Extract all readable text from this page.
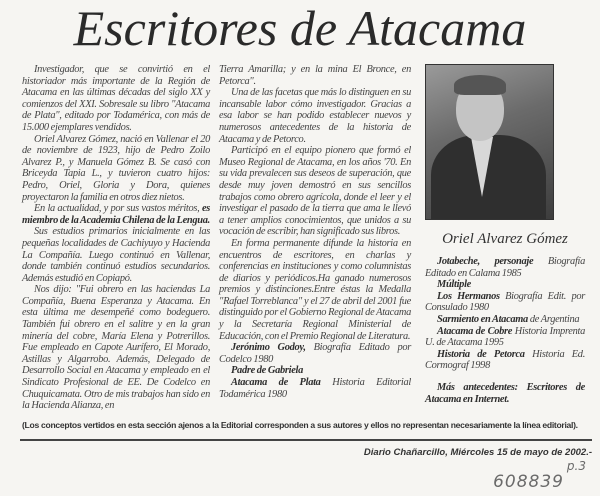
Escritores de Atacama

Investigador, que se convirtió en el historiador más importante de la Región de Atacama en las últimas décadas del siglo XX y comienzos del XXI. Sobresale su libro "Atacama de Plata", editado por Todamérica, con más de 15.000 ejemplares vendidos.

Oriel Alvarez Gómez, nació en Vallenar el 20 de noviembre de 1923, hijo de Pedro Zoilo Alvarez P., y Manuela Gómez B. Se casó con Briceyda Tapia L., y tuvieron cuatro hijos: Pedro, Oriel, Gloria y Dora, quienes proyectaron la familia en otros diez nietos.

En la actualidad, y por sus vastos méritos, es miembro de la Academia Chilena de la Lengua.

Sus estudios primarios inicialmente en las pequeñas localidades de Cachiyuyo y Hacienda La Compañía. Luego continuó en Vallenar, donde también continuó estudios secundarios. Además estudió en Copiapó.

Nos dijo: "Fui obrero en las haciendas La Compañía, Buena Esperanza y Atacama. En esta última me desempeñé como bodeguero. También fui obrero en el salitre y en la gran minería del cobre, María Elena y Potrerillos. Fue empleado en Capote Aurífero, El Morado, Astillas y Algarrobo. Además, Delegado de Desarrollo Social en Atacama y empleado en el Sindicato Profesional de EE. De Codelco en Chuquicamata. Otro de mis trabajos han sido en la Hacienda Alianza, en

Tierra Amarilla; y en la mina El Bronce, en Petorca".

Una de las facetas que más lo distinguen en su incansable labor cómo investigador. Gracias a esa labor se han podido establecer nuevos y numerosos antecedentes de la historia de Atacama y de Petorco.

Participó en el equipo pionero que formó el Museo Regional de Atacama, en los años '70. En su vida prevalecen sus deseos de superación, que desde muy joven demostró en sus sencillos trabajos como obrero agrícola, donde el leer y el investigar el pasado de la tierra que ama le llevó a tener amplios conocimientos, que unidos a su vocación de escribir, han significado sus libros.

En forma permanente difunde la historia en encuentros de escritores, en charlas y conferencias en instituciones y como columnistas de diarios y periódicos.Ha ganado numerosos premios y distinciones.Entre éstas la Medalla "Rafael Torreblanca" y el 27 de abril del 2001 fue distinguido por el Gobierno Regional de Atacama y la Secretaría Regional Ministerial de Educación, con el Premio Regional de Literatura.

Jerónimo Godoy, Biografía Editado por Codelco 1980

Padre de Gabriela

Atacama de Plata Historia Editorial Todamérica 1980

Oriel Alvarez Gómez

Jotabeche, personaje Biografía Editado en Calama 1985

Múltiple

Los Hermanos Biografía Edit. por Consulado 1980

Sarmiento en Atacama de Argentina

Atacama de Cobre Historia Imprenta U. de Atacama 1995

Historia de Petorca Historia Ed. Cormograf 1998

Más antecedentes: Escritores de Atacama en Internet.

(Los conceptos vertidos en esta sección ajenos a la Editorial corresponden a sus autores y ellos no representan necesariamente la línea editorial).
Diario Chañarcillo, Miércoles 15 de mayo de 2002.-
p.3
608839
